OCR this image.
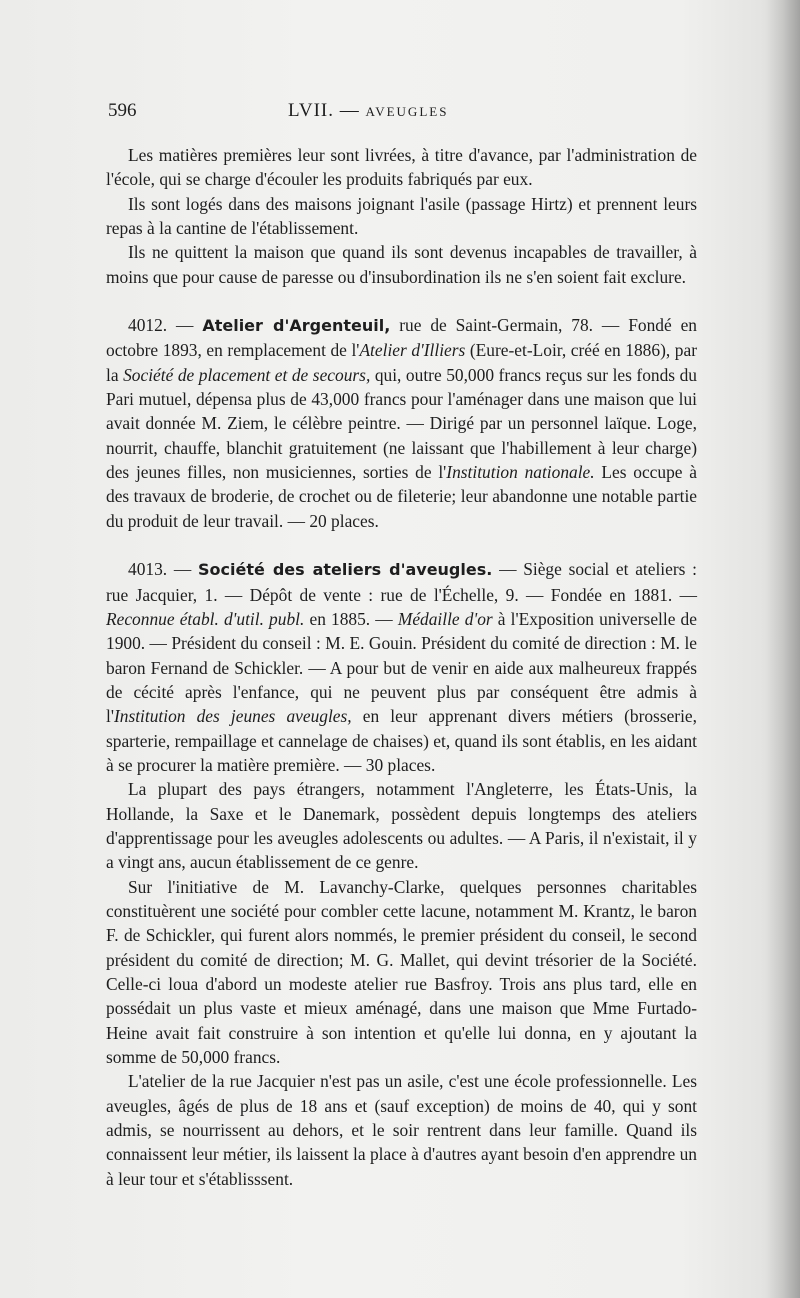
596	LVII. — AVEUGLES

Les matières premières leur sont livrées, à titre d'avance, par l'administration de l'école, qui se charge d'écouler les produits fabriqués par eux.

Ils sont logés dans des maisons joignant l'asile (passage Hirtz) et prennent leurs repas à la cantine de l'établissement.

Ils ne quittent la maison que quand ils sont devenus incapables de travailler, à moins que pour cause de paresse ou d'insubordination ils ne s'en soient fait exclure.

4012. — Atelier d'Argenteuil, rue de Saint-Germain, 78. — Fondé en octobre 1893, en remplacement de l'Atelier d'Illiers (Eure-et-Loir, créé en 1886), par la Société de placement et de secours, qui, outre 50,000 francs reçus sur les fonds du Pari mutuel, dépensa plus de 43,000 francs pour l'aménager dans une maison que lui avait donnée M. Ziem, le célèbre peintre. — Dirigé par un personnel laïque. Loge, nourrit, chauffe, blanchit gratuitement (ne laissant que l'habillement à leur charge) des jeunes filles, non musiciennes, sorties de l'Institution nationale. Les occupe à des travaux de broderie, de crochet ou de fileterie; leur abandonne une notable partie du produit de leur travail. — 20 places.

4013. — Société des ateliers d'aveugles. — Siège social et ateliers : rue Jacquier, 1. — Dépôt de vente : rue de l'Échelle, 9. — Fondée en 1881. — Reconnue établ. d'util. publ. en 1885. — Médaille d'or à l'Exposition universelle de 1900. — Président du conseil : M. E. Gouin. Président du comité de direction : M. le baron Fernand de Schickler. — A pour but de venir en aide aux malheureux frappés de cécité après l'enfance, qui ne peuvent plus par conséquent être admis à l'Institution des jeunes aveugles, en leur apprenant divers métiers (brosserie, sparterie, rempaillage et cannelage de chaises) et, quand ils sont établis, en les aidant à se procurer la matière première. — 30 places.

La plupart des pays étrangers, notamment l'Angleterre, les États-Unis, la Hollande, la Saxe et le Danemark, possèdent depuis longtemps des ateliers d'apprentissage pour les aveugles adolescents ou adultes. — A Paris, il n'existait, il y a vingt ans, aucun établissement de ce genre.

Sur l'initiative de M. Lavanchy-Clarke, quelques personnes charitables constituèrent une société pour combler cette lacune, notamment M. Krantz, le baron F. de Schickler, qui furent alors nommés, le premier président du conseil, le second président du comité de direction; M. G. Mallet, qui devint trésorier de la Société. Celle-ci loua d'abord un modeste atelier rue Basfroy. Trois ans plus tard, elle en possédait un plus vaste et mieux aménagé, dans une maison que Mme Furtado-Heine avait fait construire à son intention et qu'elle lui donna, en y ajoutant la somme de 50,000 francs.

L'atelier de la rue Jacquier n'est pas un asile, c'est une école professionnelle. Les aveugles, âgés de plus de 18 ans et (sauf exception) de moins de 40, qui y sont admis, se nourrissent au dehors, et le soir rentrent dans leur famille. Quand ils connaissent leur métier, ils laissent la place à d'autres ayant besoin d'en apprendre un à leur tour et s'établisssent.
